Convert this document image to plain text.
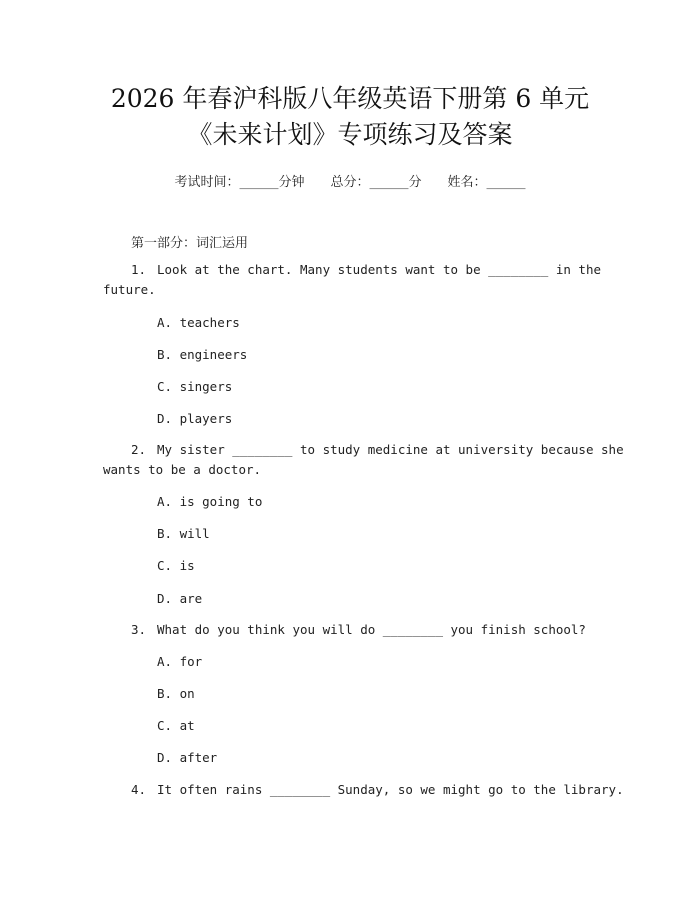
2026 年春沪科版八年级英语下册第 6 单元
《未来计划》专项练习及答案
考试时间：______分钟 总分：______分 姓名：______
第一部分：词汇运用
1. Look at the chart. Many students want to be ________ in the
future.
A. teachers
B. engineers
C. singers
D. players
2. My sister ________ to study medicine at university because she
wants to be a doctor.
A. is going to
B. will
C. is
D. are
3. What do you think you will do ________ you finish school?
A. for
B. on
C. at
D. after
4. It often rains ________ Sunday, so we might go to the library.
